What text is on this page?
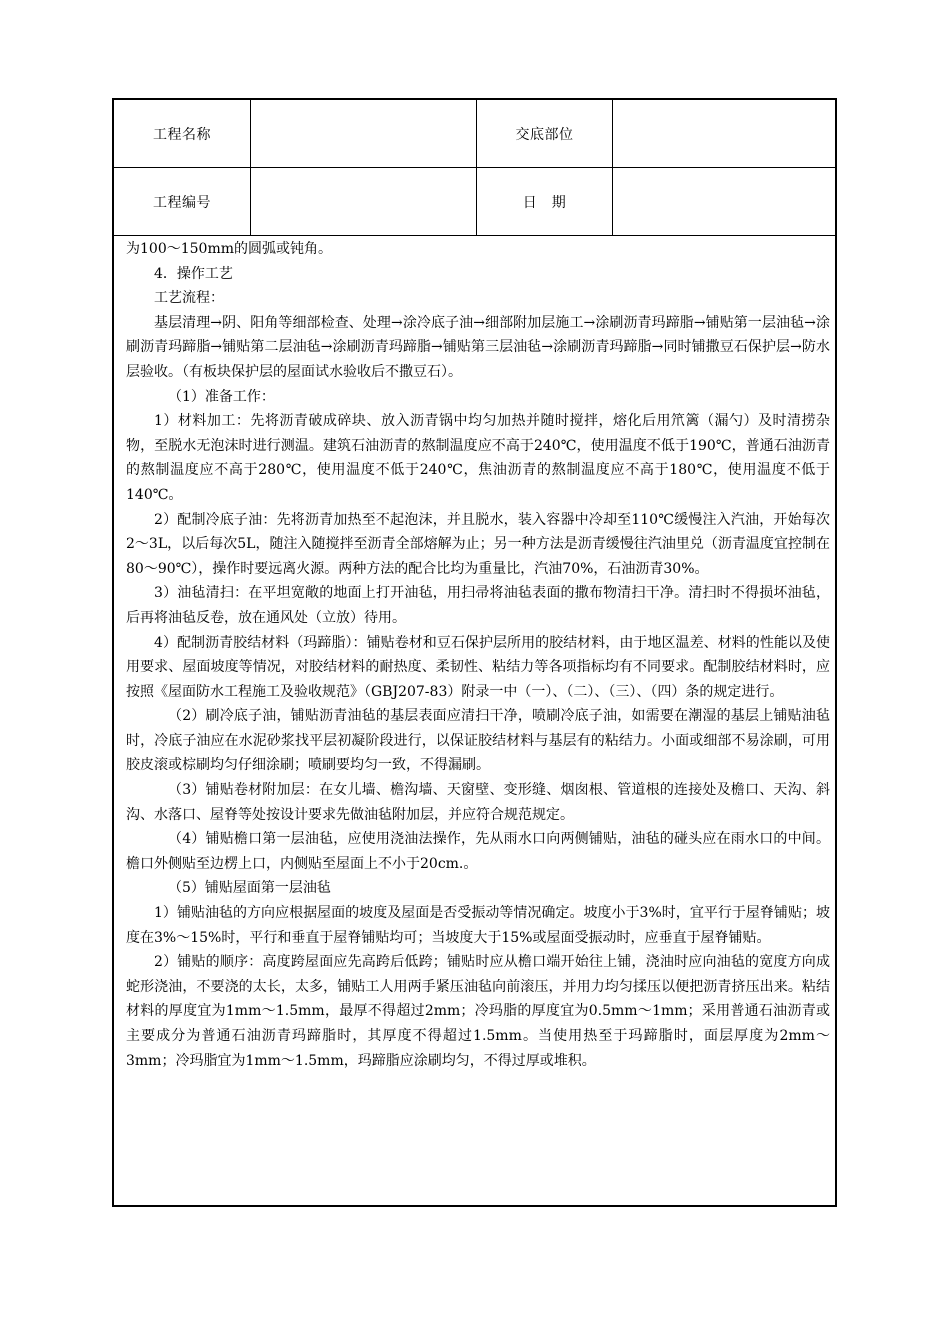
工程名称	交底部位
工程编号	日　期

为100～150mm的圆弧或钝角。

4．操作工艺

工艺流程：

基层清理→阴、阳角等细部检查、处理→涂冷底子油→细部附加层施工→涂刷沥青玛蹄脂→铺贴第一层油毡→涂刷沥青玛蹄脂→铺贴第二层油毡→涂刷沥青玛蹄脂→铺贴第三层油毡→涂刷沥青玛蹄脂→同时铺撒豆石保护层→防水层验收。（有板块保护层的屋面试水验收后不撒豆石）。

（1）准备工作：

1）材料加工：先将沥青破成碎块、放入沥青锅中均匀加热并随时搅拌，熔化后用笊篱（漏勺）及时清捞杂物，至脱水无泡沫时进行测温。建筑石油沥青的熬制温度应不高于240℃，使用温度不低于190℃，普通石油沥青的熬制温度应不高于280℃，使用温度不低于240℃，焦油沥青的熬制温度应不高于180℃，使用温度不低于140℃。

2）配制冷底子油：先将沥青加热至不起泡沫，并且脱水，装入容器中冷却至110℃缓慢注入汽油，开始每次2～3L，以后每次5L，随注入随搅拌至沥青全部熔解为止；另一种方法是沥青缓慢往汽油里兑（沥青温度宜控制在80～90℃），操作时要远离火源。两种方法的配合比均为重量比，汽油70%，石油沥青30%。

3）油毡清扫：在平坦宽敞的地面上打开油毡，用扫帚将油毡表面的撒布物清扫干净。清扫时不得损坏油毡，后再将油毡反卷，放在通风处（立放）待用。

4）配制沥青胶结材料（玛蹄脂）：铺贴卷材和豆石保护层所用的胶结材料，由于地区温差、材料的性能以及使用要求、屋面坡度等情况，对胶结材料的耐热度、柔韧性、粘结力等各项指标均有不同要求。配制胶结材料时，应按照《屋面防水工程施工及验收规范》（GBJ207-83）附录一中（一）、（二）、（三）、（四）条的规定进行。

（2）刷冷底子油，铺贴沥青油毡的基层表面应清扫干净，喷刷冷底子油，如需要在潮湿的基层上铺贴油毡时，冷底子油应在水泥砂浆找平层初凝阶段进行，以保证胶结材料与基层有的粘结力。小面或细部不易涂刷，可用胶皮滚或棕刷均匀仔细涂刷；喷刷要均匀一致，不得漏刷。

（3）铺贴卷材附加层：在女儿墙、檐沟墙、天窗壁、变形缝、烟囱根、管道根的连接处及檐口、天沟、斜沟、水落口、屋脊等处按设计要求先做油毡附加层，并应符合规范规定。

（4）铺贴檐口第一层油毡，应使用浇油法操作，先从雨水口向两侧铺贴，油毡的碰头应在雨水口的中间。檐口外侧贴至边楞上口，内侧贴至屋面上不小于20cm.。

（5）铺贴屋面第一层油毡

1）铺贴油毡的方向应根据屋面的坡度及屋面是否受振动等情况确定。坡度小于3%时，宜平行于屋脊铺贴；坡度在3%～15%时，平行和垂直于屋脊铺贴均可；当坡度大于15%或屋面受振动时，应垂直于屋脊铺贴。

2）铺贴的顺序：高度跨屋面应先高跨后低跨；铺贴时应从檐口端开始往上铺，浇油时应向油毡的宽度方向成蛇形浇油，不要浇的太长，太多，铺贴工人用两手紧压油毡向前滚压，并用力均匀揉压以便把沥青挤压出来。粘结材料的厚度宜为1mm～1.5mm，最厚不得超过2mm；冷玛脂的厚度宜为0.5mm～1mm；采用普通石油沥青或主要成分为普通石油沥青玛蹄脂时，其厚度不得超过1.5mm。当使用热至于玛蹄脂时，面层厚度为2mm～3mm；冷玛脂宜为1mm～1.5mm，玛蹄脂应涂刷均匀，不得过厚或堆积。
